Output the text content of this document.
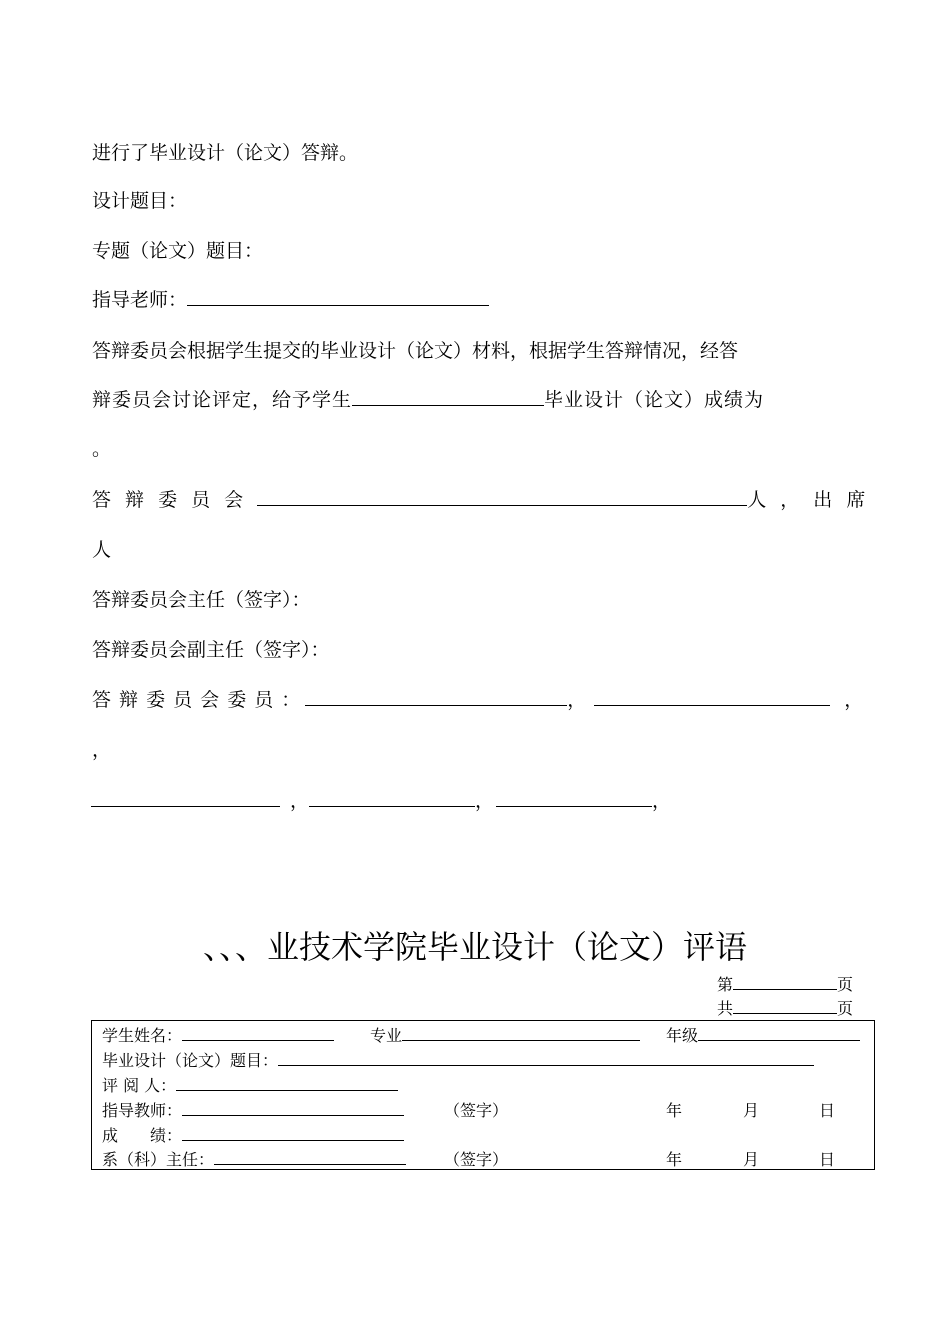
进行了毕业设计（论文）答辩。
设计题目：
专题（论文）题目：
指导老师：
答辩委员会根据学生提交的毕业设计（论文）材料，根据学生答辩情况，经答
辩委员会讨论评定，给予学生	毕业设计（论文）成绩为
。
答 辩 委 员 会	人 ， 出 席
人
答辩委员会主任（签字）：
答辩委员会副主任（签字）：
答 辩 委 员 会 委 员 ：	，	，
，
，	，	，
、、、业技术学院毕业设计（论文）评语
第	页
共	页
学生姓名：	专业	年级
毕业设计（论文）题目：
评 阅 人：
指导教师：	（签字）	年	月	日
成　　绩：
系（科）主任：	（签字）	年	月	日
